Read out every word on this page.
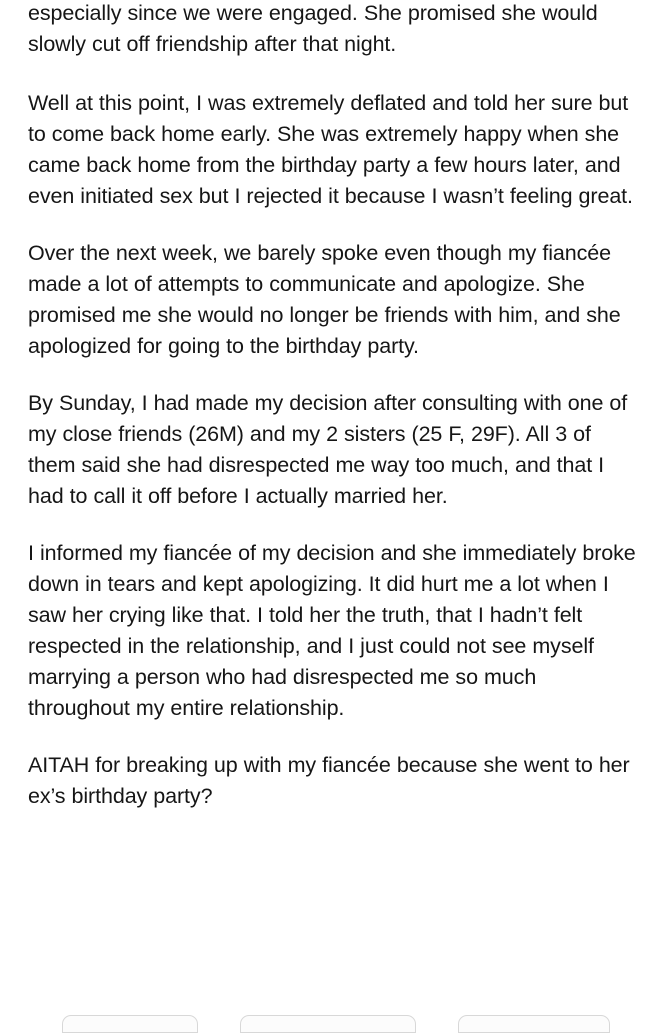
especially since we were engaged. She promised she would slowly cut off friendship after that night.

Well at this point, I was extremely deflated and told her sure but to come back home early. She was extremely happy when she came back home from the birthday party a few hours later, and even initiated sex but I rejected it because I wasn’t feeling great.

Over the next week, we barely spoke even though my fiancée made a lot of attempts to communicate and apologize. She promised me she would no longer be friends with him, and she apologized for going to the birthday party.

By Sunday, I had made my decision after consulting with one of my close friends (26M) and my 2 sisters (25 F, 29F). All 3 of them said she had disrespected me way too much, and that I had to call it off before I actually married her.

I informed my fiancée of my decision and she immediately broke down in tears and kept apologizing. It did hurt me a lot when I saw her crying like that. I told her the truth, that I hadn’t felt respected in the relationship, and I just could not see myself marrying a person who had disrespected me so much throughout my entire relationship.

AITAH for breaking up with my fiancée because she went to her ex’s birthday party?
